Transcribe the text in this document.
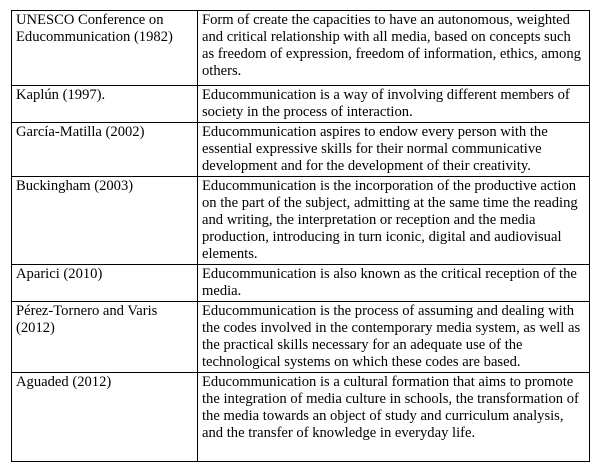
UNESCO Conference on Educommunication (1982)	Form of create the capacities to have an autonomous, weighted and critical relationship with all media, based on concepts such as freedom of expression, freedom of information, ethics, among others.
Kaplún (1997).	Educommunication is a way of involving different members of society in the process of interaction.
García-Matilla (2002)	Educommunication aspires to endow every person with the essential expressive skills for their normal communicative development and for the development of their creativity.
Buckingham (2003)	Educommunication is the incorporation of the productive action on the part of the subject, admitting at the same time the reading and writing, the interpretation or reception and the media production, introducing in turn iconic, digital and audiovisual elements.
Aparici (2010)	Educommunication is also known as the critical reception of the media.
Pérez-Tornero and Varis (2012)	Educommunication is the process of assuming and dealing with the codes involved in the contemporary media system, as well as the practical skills necessary for an adequate use of the technological systems on which these codes are based.
Aguaded (2012)	Educommunication is a cultural formation that aims to promote the integration of media culture in schools, the transformation of the media towards an object of study and curriculum analysis, and the transfer of knowledge in everyday life.
